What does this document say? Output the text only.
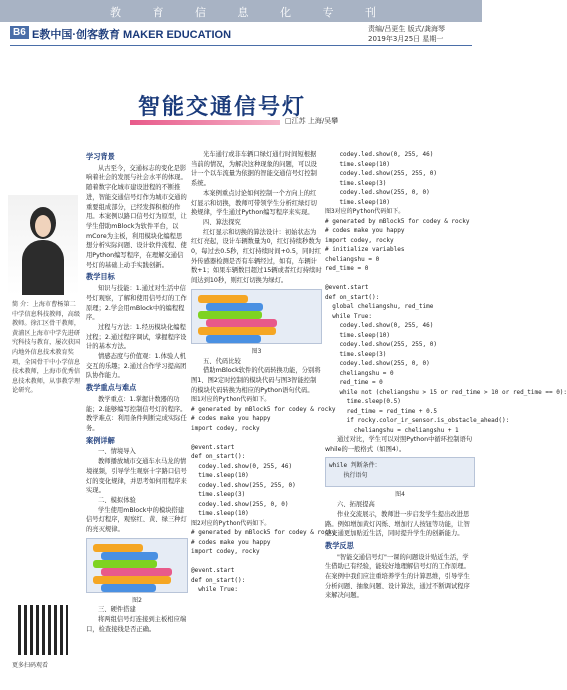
教 育 信 息 化 专 刊
B6 E教中国·创客教育 MAKER EDUCATION	责编/吕更生 版式/龚海琴
2019年3月25日 星期一
智能交通信号灯
□江苏 上海/吴攀
简 介：上海市曹杨第二中学信息科技教师，高级教师。徐汇区骨干教师，黄浦区上海市中学先进研究科技与教育，屡次获国内地外信息技术教育奖项，全国骨干中小学信息技术教师，上海市优秀信息技术教师，从事教学理论研究。
更多扫码观看
学习背景
从古至今，交通标志的变化是影响着社会的发展与社会水平的体现。随着数字化城市建设进程的不断推进，智能交通信号灯作为城市交通的重要组成部分，已经发挥积极的作用。本案例以路口信号灯为原型，让学生借助mBlock为软件平台，以mCore为主板，利用模块化编程思想分析实际问题、设计软件流程、使用Python编写程序，在理解交通信号灯的基础上动手实践创新。
教学目标
知识与技能：1.通过对生活中信号灯观察，了解和使用信号灯的工作原理；2.学会用mBlock中的编程程序。
过程与方法：1.经历模块化编程过程；2.通过程序调试，掌握程序设计的基本方法。
情感态度与价值观：1.体验人机交互的乐趣；2.通过合作学习提高团队协作能力。
教学重点与难点
教学重点：1.掌握计数器的功能；2.能够编写控制信号灯的程序。教学难点：利用条件判断完成实际任务。
案例详解
一、情境导入
教师播放城市交通车水马龙的情境视频，引导学生观察十字路口信号灯的变化规律，并思考如何用程序来实现。
二、模拟体验
学生使用mBlock中的模块搭建信号灯程序，观察红、黄、绿三种灯的亮灭规律。
图2
三、硬件搭建
将两组信号灯连接到主板相应端口，检查接线是否正确。
光车通行或非车辆口绿灯通行时间短根据当前的情况，为解决这种现象的问题，可以设计一个以车流量为依据的智能交通信号灯控制系统。
本案例重点讨论如何控制一个方向上的红灯显示和切换，教师可带领学生分析红绿灯切换规律，学生通过Python编写程序来实现。
四、算法探究
红灯显示和切换的算法设计：初始状态为红灯亮起，设计车辆数量为0，红灯持续秒数为0，每过去0.5秒，红灯持续时间+0.5，同时红外传感器检测是否有车辆经过，如有，车辆计数+1；如果车辆数目超过15辆或者红灯持续时间达到10秒，则红灯切换为绿灯。
图3
五、代码比较
借助mBlock软件的代码转换功能，分别将图1、图2定时控制的模块代码与图3智能控制的模块代码转换为相应的Python语句代码。
图1对应的Python代码如下。
# generated by mBlock5 for codey & rocky
# codes make you happy
import codey, rocky

@event.start
def on_start():
codey.led.show(0, 255, 46)
time.sleep(10)
codey.led.show(255, 255, 0)
time.sleep(3)
codey.led.show(255, 0, 0)
time.sleep(10)
图2对应的Python代码如下。
# generated by mBlock5 for codey & rocky
# codes make you happy
import codey, rocky

@event.start
def on_start():
while True:
codey.led.show(0, 255, 46)
time.sleep(10)
codey.led.show(255, 255, 0)
time.sleep(3)
codey.led.show(255, 0, 0)
time.sleep(10)
图3对应的Python代码如下。
# generated by mBlock5 for codey & rocky
# codes make you happy
import codey, rocky
# initialize variables
cheliangshu = 0
red_time = 0

@event.start
def on_start():
global cheliangshu, red_time
while True:
codey.led.show(0, 255, 46)
time.sleep(10)
codey.led.show(255, 255, 0)
time.sleep(3)
codey.led.show(255, 0, 0)
cheliangshu = 0
red_time = 0
while not (cheliangshu > 15 or red_time > 10 or red_time == 0):
time.sleep(0.5)
red_time = red_time + 0.5
if rocky.color_ir_sensor.is_obstacle_ahead():
cheliangshu = cheliangshu + 1
通过对比，学生可以对照Python中循环控制语句while的一般格式（如图4）。
while 判断条件：
执行语句
图4
六、拓展提高
作业交流展示，教师进一步启发学生提出改进思路。例如增加黄灯闪烁、增加行人按钮等功能，让智能交通更加贴近生活，同时提升学生的创新能力。
教学反思
"智能交通信号灯"一课的问题设计贴近生活，学生借助已有经验，能较好地理解信号灯的工作原理。在案例中我们应注重培养学生的计算思维，引导学生分析问题、抽象问题、设计算法，通过不断调试程序来解决问题。
